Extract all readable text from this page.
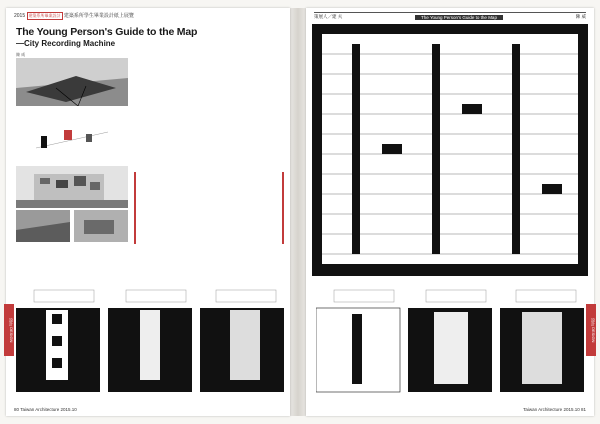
2015 建築系所畢業設計 建築系所學生畢業設計紙上展覽
The Young Person's Guide to the Map
—City Recording Machine
陳 威
設計 DESIGN
80 Taiwan Architecture 2015.10
策展人／建 夫	The Young Person's Guide to the Map	陳 威
設計 DESIGN
Taiwan Architecture 2015.10 81
